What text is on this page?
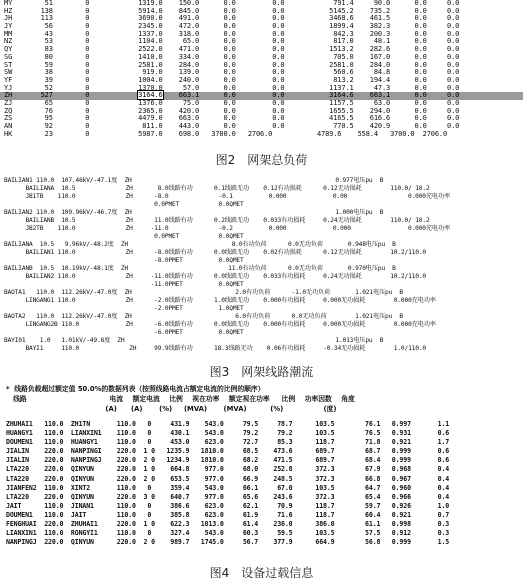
MY        51        0            1319.0    150.0      0.0         0.0            791.4     90.0      0.0     0.0
HZ       138        0            5914.0    845.0      0.0         0.0           5145.2    735.2      0.0     0.0
JH       113        0            3690.0    491.0      0.0         0.0           3468.6    461.5      0.0     0.0
JY        56        0            2345.0    472.0      0.0         0.0           1899.4    382.3      0.0     0.0
MM        43        0            1337.0    318.0      0.0         0.0            842.3    200.3      0.0     0.0
NZ        53        0            1104.0     65.0      0.0         0.0            817.0     48.1      0.0     0.0
QY        83        0            2522.0    471.0      0.0         0.0           1513.2    282.6      0.0     0.0
SG        80        0            1410.0    334.0      0.0         0.0            705.0    167.0      0.0     0.0
ST        59        0            2581.0    284.0      0.0         0.0           2581.0    284.0      0.0     0.0
SW        38        0             919.0    139.0      0.0         0.0            560.6     84.8      0.0     0.0
YF        39        0            1004.0    240.0      0.0         0.0            813.2    194.4      0.0     0.0
YJ        52        0            1370.0     57.0      0.0         0.0           1137.1     47.3      0.0     0.0
ZH       527        0            3164.6    663.1      0.0         0.0           3164.6    663.1      0.0     0.0
ZJ        65        0            1376.0     75.0      0.0         0.0           1157.5     63.0      0.0     0.0
ZQ        76        0            2365.0    420.0      0.0         0.0           1655.5    294.0      0.0     0.0
ZS        95        0            4479.0    663.0      0.0         0.0           4165.5    616.6      0.0     0.0
AN        92        0             811.0    443.0      0.0         0.0            770.5    420.9      0.0     0.0
HK        23        0            5987.0    698.0   3700.0   2706.0           4789.6    558.4   3700.0  2706.0
图2　网架总负荷
BAILIAN1 110.0  107.46kV/-47.1度  ZH                                                         0.977电压pu  B
BAILIANA  10.5              ZH       8.0线路有功      0.1线路无功    0.12有功损耗      0.12无功损耗        110.0/ 10.2
JB1TB    110.0              ZH      -8.0              -0.1          0.000             0.00                 0.000充电功率
0.0PMET           0.0QMET
BAILIAN2 110.0  109.96kV/-46.7度  ZH                                                         1.000电压pu  B
BAILIANB  10.5              ZH      11.0线路有功      0.2线路无功    0.033有功损耗     0.24无功损耗        110.0/ 10.2
JB2TB    110.0              ZH     -11.0              -0.2          0.000             0.000                0.000充电功率
0.0PMET           0.0QMET
BAILIANA  10.5   9.96kV/-48.2度  ZH                             8.0有功负荷      0.0无功负荷       0.948电压pu  B
BAILIAN1 110.0              ZH      -8.0线路有功      0.0线路无功    0.02有功损耗      0.12无功损耗        10.2/110.0
-8.0PMET          0.0QMET
BAILIANB  10.5  10.19kV/-48.1度  ZH                            11.0有功负荷      0.0无功负荷       0.970电压pu  B
BAILIAN2 110.0              ZH     -11.0线路有功      0.0线路无功    0.033有功损耗     0.24无功损耗        10.2/110.0
-11.0PMET          0.0QMET
BAOTA1   110.0  112.26kV/-47.0度  ZH                             2.0有功负荷      -1.0无功负荷       1.021电压pu  B
LINGANG1 110.0              ZH      -2.0线路有功      1.0线路无功    0.000有功损耗     0.000无功损耗        0.000充电功率
-2.0PMET          1.0QMET
BAOTA2   110.0  112.26kV/-47.0度  ZH                             6.0有功负荷      0.0无功负荷        1.021电压pu  B
LINGANG2B 110.0             ZH      -6.0线路有功      0.0线路无功    0.000有功损耗     0.000无功损耗        0.000充电功率
-6.0PMET          0.0QMET
BAYI01    1.0   1.01kV/-49.8度  ZH                                                           1.013电压pu  B
BAYI1     110.0              ZH     99.9线路有功      18.3线路无功    0.06有功损耗     -0.34无功损耗        1.0/110.0
图3　网架线路潮流
*  线路负载超过额定值 50.0%的数据列表（按照线路电流占额定电流的比例的顺序）
线路                                   电流    额定电流    比例    视在功率    额定视在功率     比例    功率因数    角度
(A)      (A)       (%)     (MVA)       (MVA)          (%)                 (度)
ZHUHAI1   110.0  ZH1TN       110.0   0     431.9    543.0     79.5     78.7      103.5        76.1   0.997       1.1
HUANGY1   110.0  LIANXIN1    110.0   0     430.1    543.0     79.2     79.2      103.5        76.5   0.931       0.6
DOUMEN1   110.0  HUANGY1     110.0   0     453.0    623.0     72.7     85.3      118.7        71.8   0.921       1.7
JIALIN    220.0  NANPINGI    220.0  1 0   1235.9   1810.0     68.5    473.6      689.7        68.7   0.999       0.6
JIALIN    220.0  NANPINGJ    220.0  2 0   1234.9   1810.0     68.2    471.5      689.7        68.4   0.999       0.6
LTA220    220.0  QINYUN      220.0  1 0    664.8    977.0     68.0    252.8      372.3        67.9   0.968       0.4
LTA220    220.0  QINYUN      220.0  2 0    653.5    977.0     66.9    248.5      372.3        66.8   0.967       0.4
JIANFEN2  110.0  XINT2       110.0   0     359.4    543.0     66.1     67.0      103.5        64.7   0.960       0.4
LTA220    220.0  QINYUN      220.0  3 0    640.7    977.0     65.6    243.6      372.3        65.4   0.966       0.4
JAIT      110.0  JINAN1      110.0   0     386.6    623.0     62.1     70.9      118.7        59.7   0.926       1.0
DOUMEN1   110.0  JAIT        110.0   0     385.8    623.0     61.9     71.6      118.7        60.4   0.921       0.7
FENGHUAI  220.0  ZHUHAI1     220.0  1 0    622.3   1013.0     61.4    236.0      386.0        61.1   0.998       0.3
LIANXIN1  110.0  RONGYI1     110.0   0     327.4    543.0     60.3     59.5      103.5        57.5   0.912       0.3
NANPINGJ  220.0  QINYUN      220.0  2 0    989.7   1745.0     56.7    377.9      664.9        56.8   0.999       1.5
图4　设备过载信息
